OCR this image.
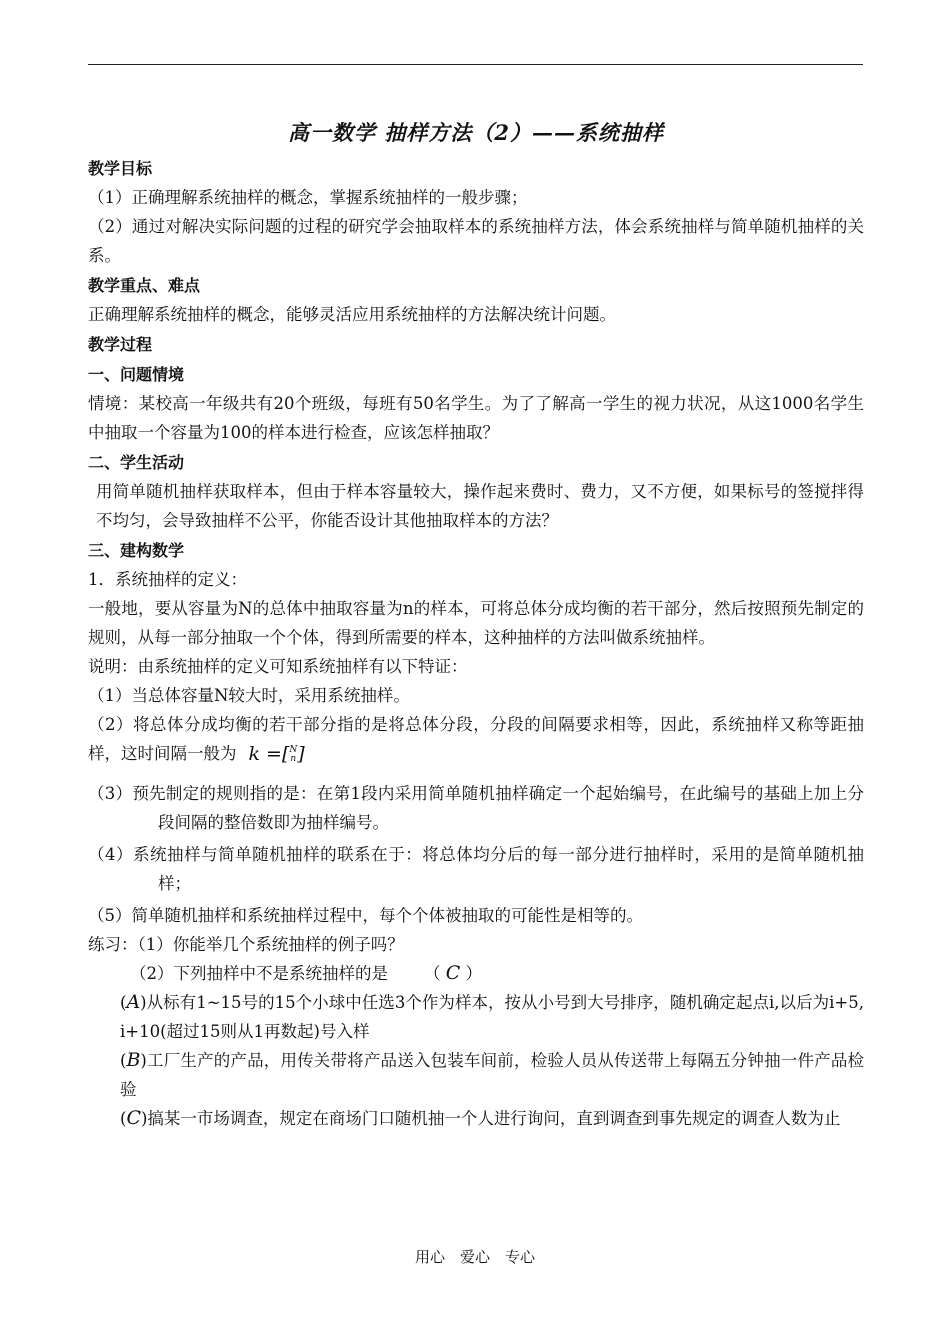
高一数学 抽样方法（2）——系统抽样
教学目标

（1）正确理解系统抽样的概念，掌握系统抽样的一般步骤；

（2）通过对解决实际问题的过程的研究学会抽取样本的系统抽样方法，体会系统抽样与简单随机抽样的关系。

教学重点、难点

正确理解系统抽样的概念，能够灵活应用系统抽样的方法解决统计问题。

教学过程
一、问题情境

情境：某校高一年级共有20个班级，每班有50名学生。为了了解高一学生的视力状况，从这1000名学生中抽取一个容量为100的样本进行检查，应该怎样抽取？

二、学生活动

用简单随机抽样获取样本，但由于样本容量较大，操作起来费时、费力，又不方便，如果标号的签搅拌得不均匀，会导致抽样不公平，你能否设计其他抽取样本的方法？

三、建构数学

1．系统抽样的定义：

一般地，要从容量为N的总体中抽取容量为n的样本，可将总体分成均衡的若干部分，然后按照预先制定的规则，从每一部分抽取一个个体，得到所需要的样本，这种抽样的方法叫做系统抽样。

说明：由系统抽样的定义可知系统抽样有以下特证：

（1）当总体容量N较大时，采用系统抽样。

（2）将总体分成均衡的若干部分指的是将总体分段，分段的间隔要求相等，因此，系统抽样又称等距抽样，这时间隔一般为 k =[ N
n ]

（3）预先制定的规则指的是：在第1段内采用简单随机抽样确定一个起始编号，在此编号的基础上加上分段间隔的整倍数即为抽样编号。

（4）系统抽样与简单随机抽样的联系在于：将总体均分后的每一部分进行抽样时，采用的是简单随机抽样；

（5）简单随机抽样和系统抽样过程中，每个个体被抽取的可能性是相等的。

练习：（1）你能举几个系统抽样的例子吗？

（2）下列抽样中不是系统抽样的是 （ C ）

(A)从标有1~15号的15个小球中任选3个作为样本，按从小号到大号排序，随机确定起点i,以后为i+5, i+10(超过15则从1再数起)号入样

(B)工厂生产的产品，用传关带将产品送入包装车间前，检验人员从传送带上每隔五分钟抽一件产品检验

(C)搞某一市场调查，规定在商场门口随机抽一个人进行询问，直到调查到事先规定的调查人数为止

用心　爱心　专心
